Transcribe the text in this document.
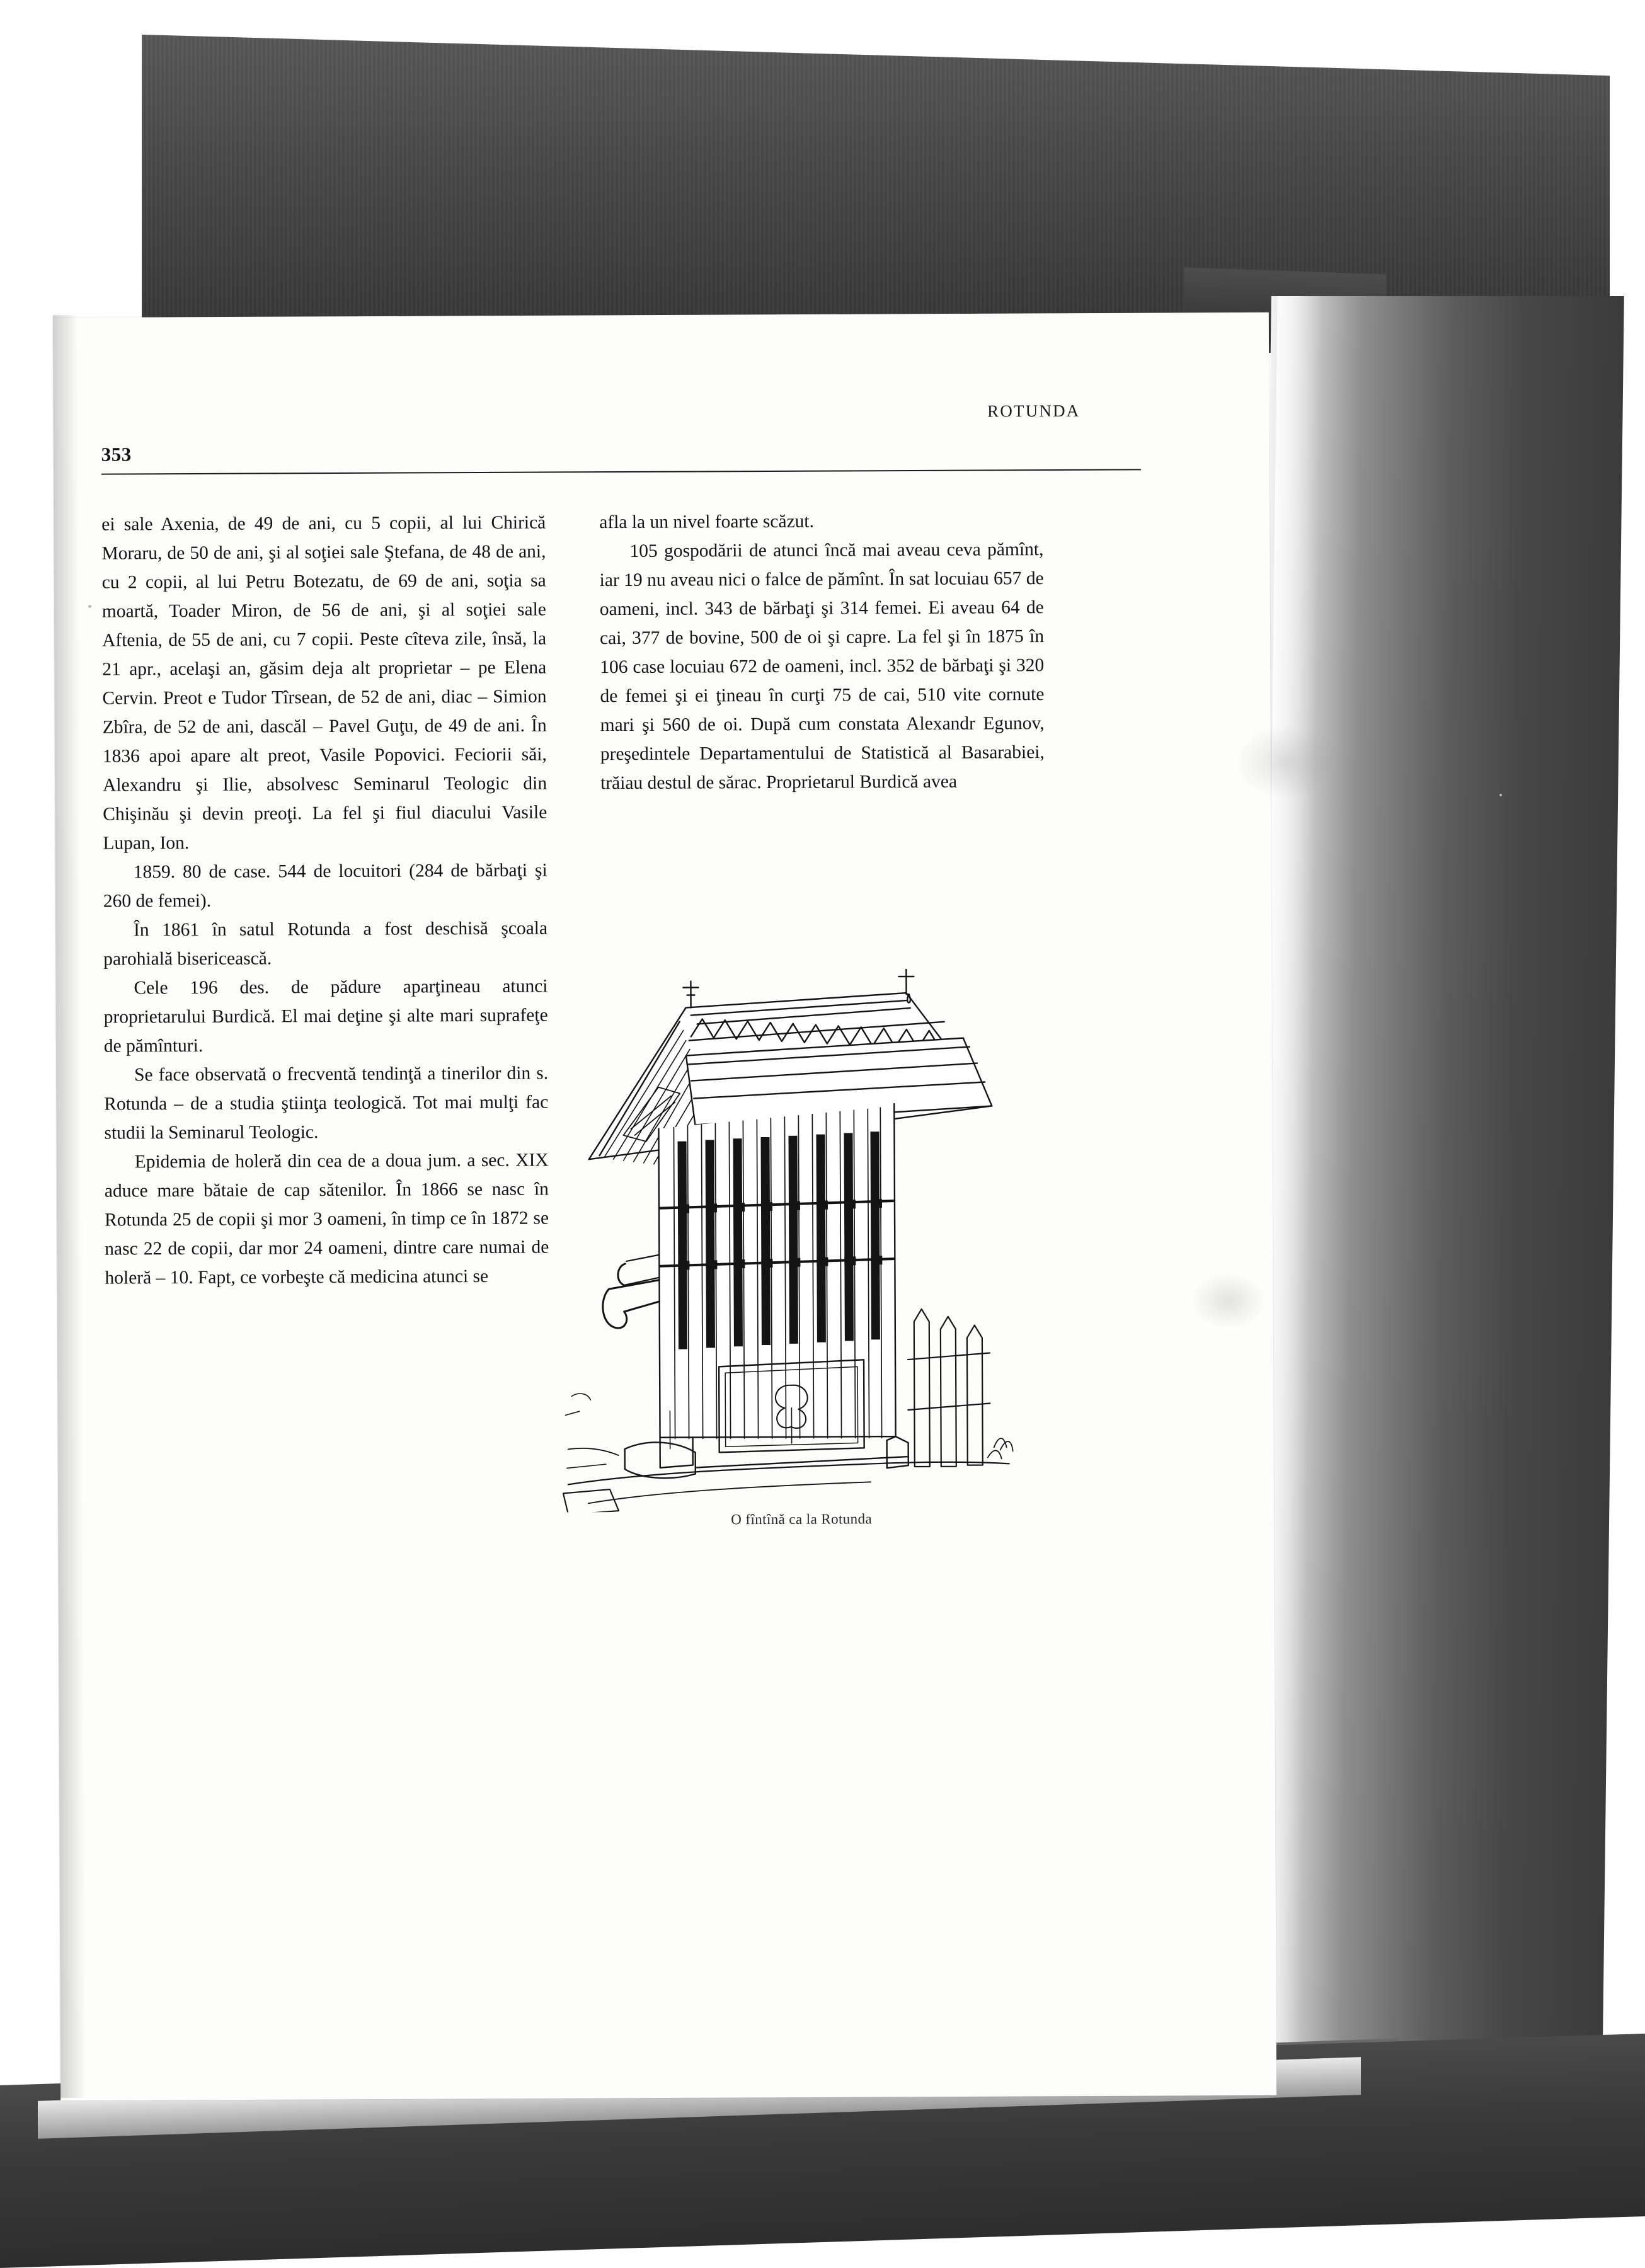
ROTUNDA
353

ei sale Axenia, de 49 de ani, cu 5 copii, al lui Chirică Moraru, de 50 de ani, şi al soţiei sale Ştefana, de 48 de ani, cu 2 copii, al lui Petru Botezatu, de 69 de ani, soţia sa moartă, Toader Miron, de 56 de ani, şi al soţiei sale Aftenia, de 55 de ani, cu 7 copii. Peste cîteva zile, însă, la 21 apr., acelaşi an, găsim deja alt proprietar – pe Elena Cervin. Preot e Tudor Tîrsean, de 52 de ani, diac – Simion Zbîra, de 52 de ani, dascăl – Pavel Guţu, de 49 de ani. În 1836 apoi apare alt preot, Vasile Popovici. Feciorii săi, Alexandru şi Ilie, absolvesc Seminarul Teologic din Chişinău şi devin preoţi. La fel şi fiul diacului Vasile Lupan, Ion.

1859. 80 de case. 544 de locuitori (284 de bărbaţi şi 260 de femei).

În 1861 în satul Rotunda a fost deschisă şcoala parohială bisericească.

Cele 196 des. de pădure aparţineau atunci proprietarului Burdică. El mai deţine şi alte mari suprafeţe de pămînturi.

Se face observată o frecventă tendinţă a tinerilor din s. Rotunda – de a studia ştiinţa teologică. Tot mai mulţi fac studii la Seminarul Teologic.

Epidemia de holeră din cea de a doua jum. a sec. XIX aduce mare bătaie de cap sătenilor. În 1866 se nasc în Rotunda 25 de copii şi mor 3 oameni, în timp ce în 1872 se nasc 22 de copii, dar mor 24 oameni, dintre care numai de holeră – 10. Fapt, ce vorbeşte că medicina atunci se

afla la un nivel foarte scăzut.

105 gospodării de atunci încă mai aveau ceva pămînt, iar 19 nu aveau nici o falce de pămînt. În sat locuiau 657 de oameni, incl. 343 de bărbaţi şi 314 femei. Ei aveau 64 de cai, 377 de bovine, 500 de oi şi capre. La fel şi în 1875 în 106 case locuiau 672 de oameni, incl. 352 de bărbaţi şi 320 de femei şi ei ţineau în curţi 75 de cai, 510 vite cornute mari şi 560 de oi. După cum constata Alexandr Egunov, preşedintele Departamentului de Statistică al Basarabiei, trăiau destul de sărac. Proprietarul Burdică avea

O fîntînă ca la Rotunda
